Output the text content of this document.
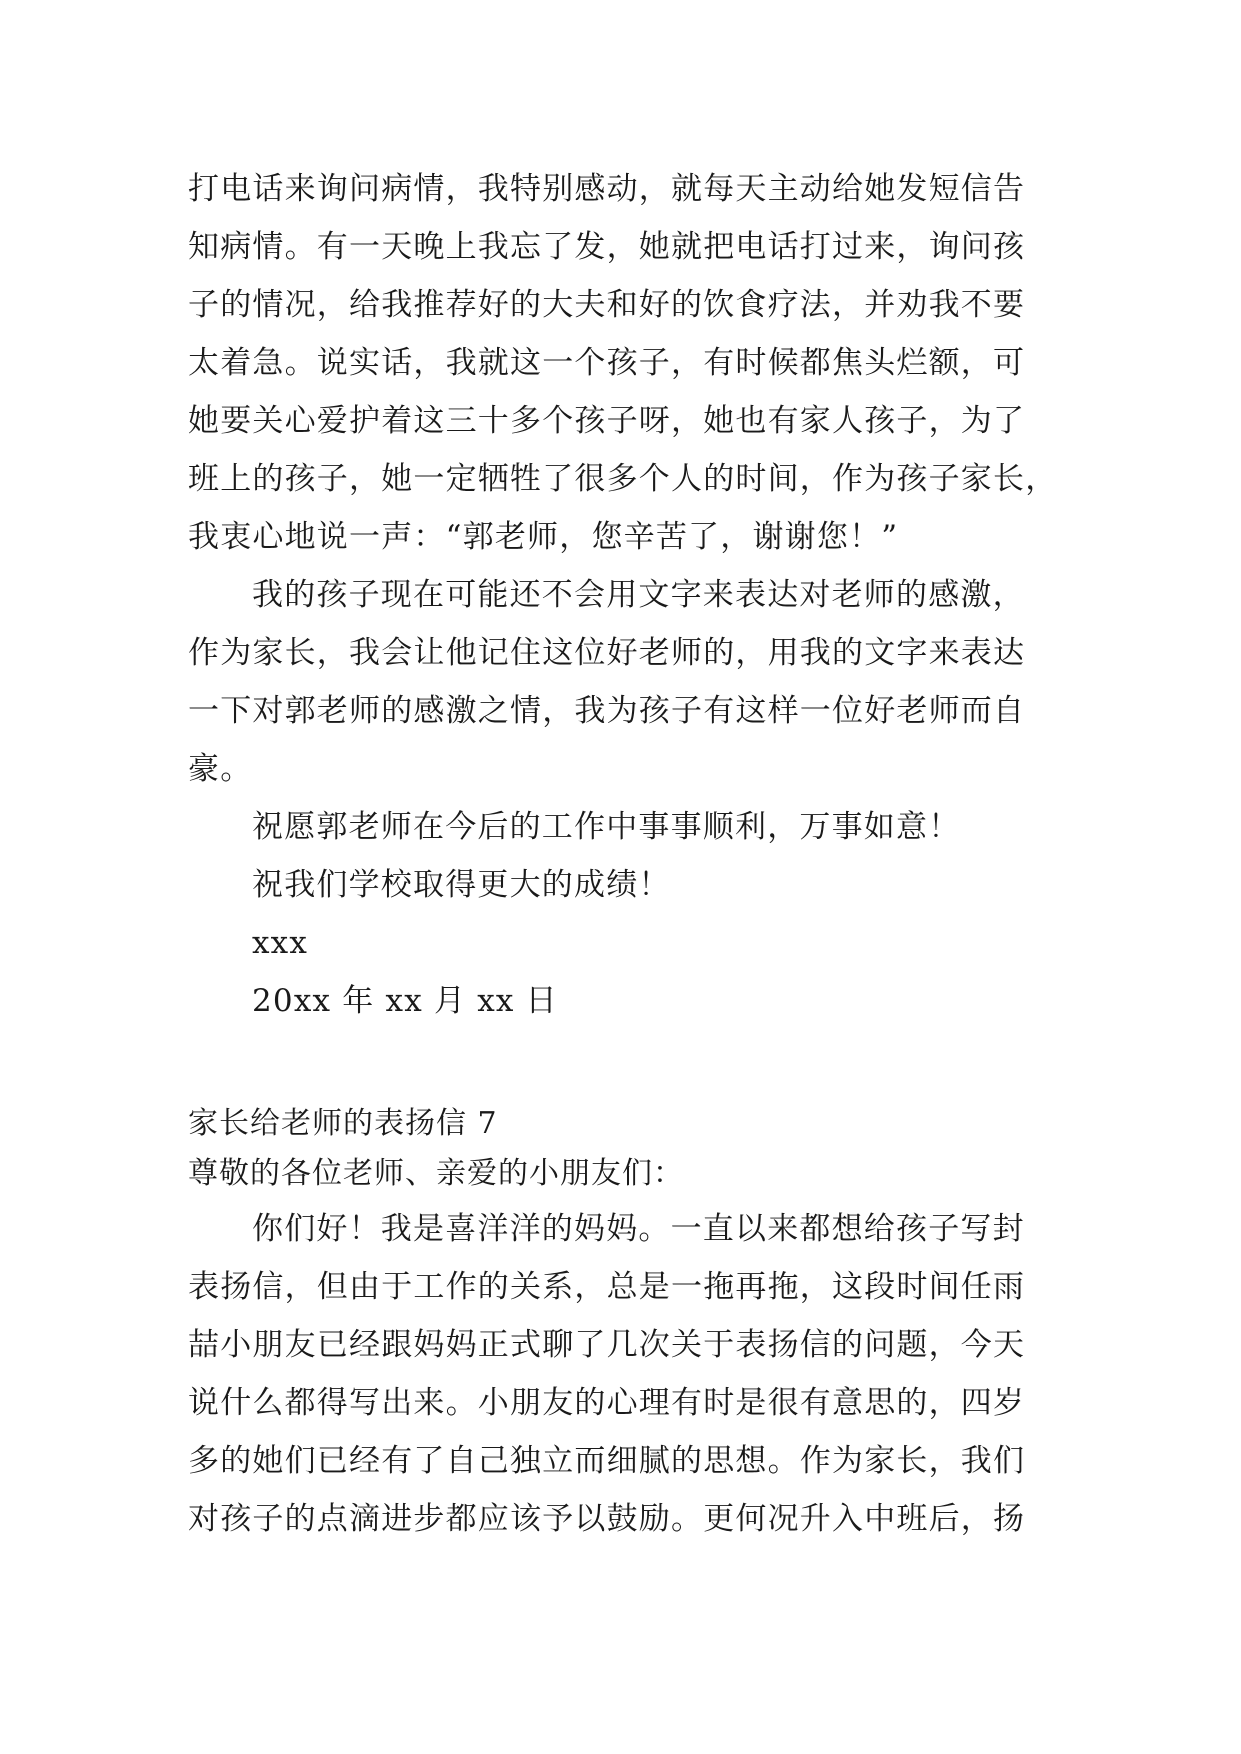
打电话来询问病情，我特别感动，就每天主动给她发短信告
知病情。有一天晚上我忘了发，她就把电话打过来，询问孩
子的情况，给我推荐好的大夫和好的饮食疗法，并劝我不要
太着急。说实话，我就这一个孩子，有时候都焦头烂额，可
她要关心爱护着这三十多个孩子呀，她也有家人孩子，为了
班上的孩子，她一定牺牲了很多个人的时间，作为孩子家长，
我衷心地说一声：“郭老师，您辛苦了，谢谢您！”
我的孩子现在可能还不会用文字来表达对老师的感激，
作为家长，我会让他记住这位好老师的，用我的文字来表达
一下对郭老师的感激之情，我为孩子有这样一位好老师而自
豪。
祝愿郭老师在今后的工作中事事顺利，万事如意！
祝我们学校取得更大的成绩！
xxx
20xx 年 xx 月 xx 日
家长给老师的表扬信 7
尊敬的各位老师、亲爱的小朋友们：
你们好！我是喜洋洋的妈妈。一直以来都想给孩子写封
表扬信，但由于工作的关系，总是一拖再拖，这段时间任雨
喆小朋友已经跟妈妈正式聊了几次关于表扬信的问题，今天
说什么都得写出来。小朋友的心理有时是很有意思的，四岁
多的她们已经有了自己独立而细腻的思想。作为家长，我们
对孩子的点滴进步都应该予以鼓励。更何况升入中班后，扬
